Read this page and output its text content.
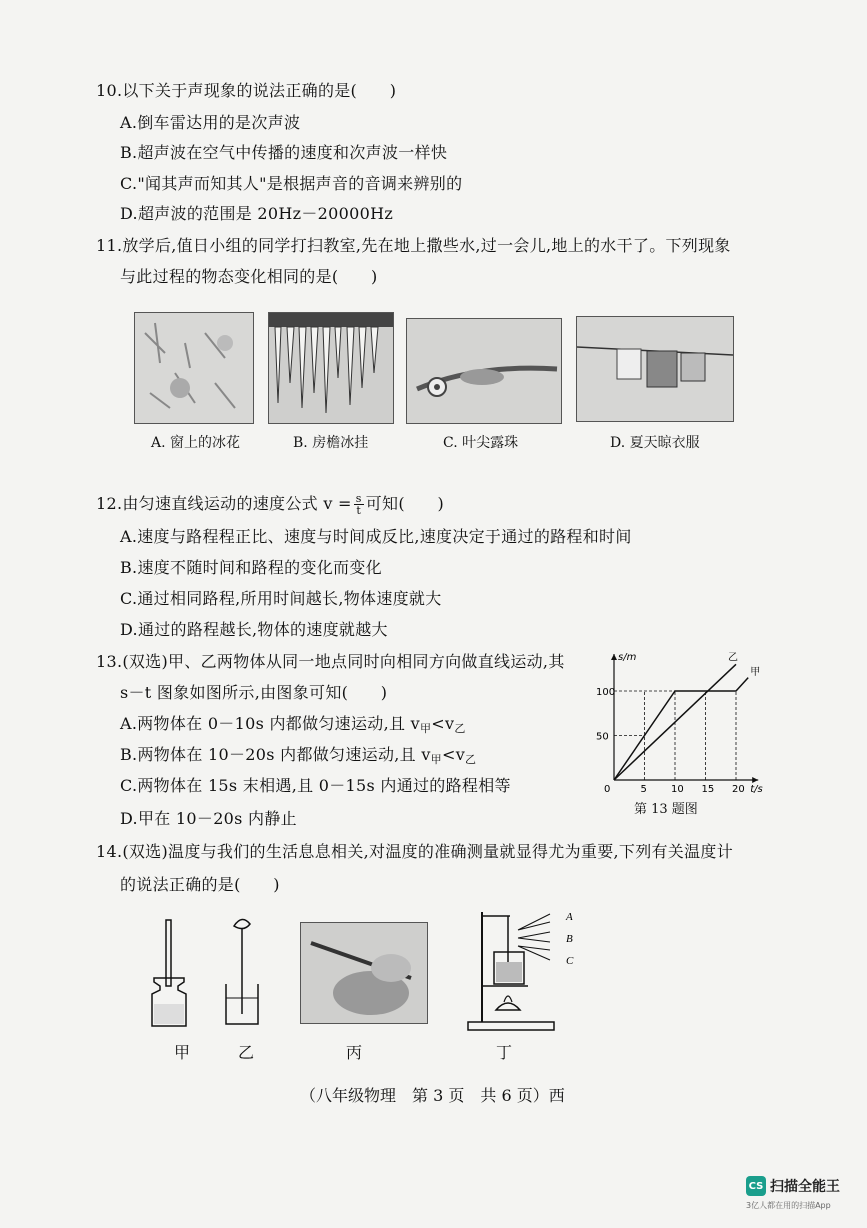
10.以下关于声现象的说法正确的是(　　)
A.倒车雷达用的是次声波
B.超声波在空气中传播的速度和次声波一样快
C."闻其声而知其人"是根据声音的音调来辨别的
D.超声波的范围是 20Hz－20000Hz
11.放学后,值日小组的同学打扫教室,先在地上撒些水,过一会儿,地上的水干了。下列现象
与此过程的物态变化相同的是(　　)
A. 窗上的冰花	B. 房檐冰挂	C. 叶尖露珠	D. 夏天晾衣服
12.由匀速直线运动的速度公式 $v = \frac{s}{t}$ 可知(　　)
A.速度与路程程正比、速度与时间成反比,速度决定于通过的路程和时间
B.速度不随时间和路程的变化而变化
C.通过相同路程,所用时间越长,物体速度就大
D.通过的路程越长,物体的速度就越大
13.(双选)甲、乙两物体从同一地点同时向相同方向做直线运动,其
s－t 图象如图所示,由图象可知(　　)
A.两物体在 0－10s 内都做匀速运动,且 $v_甲<v_乙$
B.两物体在 10－20s 内都做匀速运动,且 $v_甲<v_乙$
C.两物体在 15s 末相遇,且 0－15s 内通过的路程相等
D.甲在 10－20s 内静止
5 10 15 20
50
100
0	t/s
s/m
甲
乙
第 13 题图
14.(双选)温度与我们的生活息息相关,对温度的准确测量就显得尤为重要,下列有关温度计
的说法正确的是(　　)
A
B
C
甲	乙	丙	丁
（八年级物理　第 3 页　共 6 页）西
CS 扫描全能王
3亿人都在用的扫描App
